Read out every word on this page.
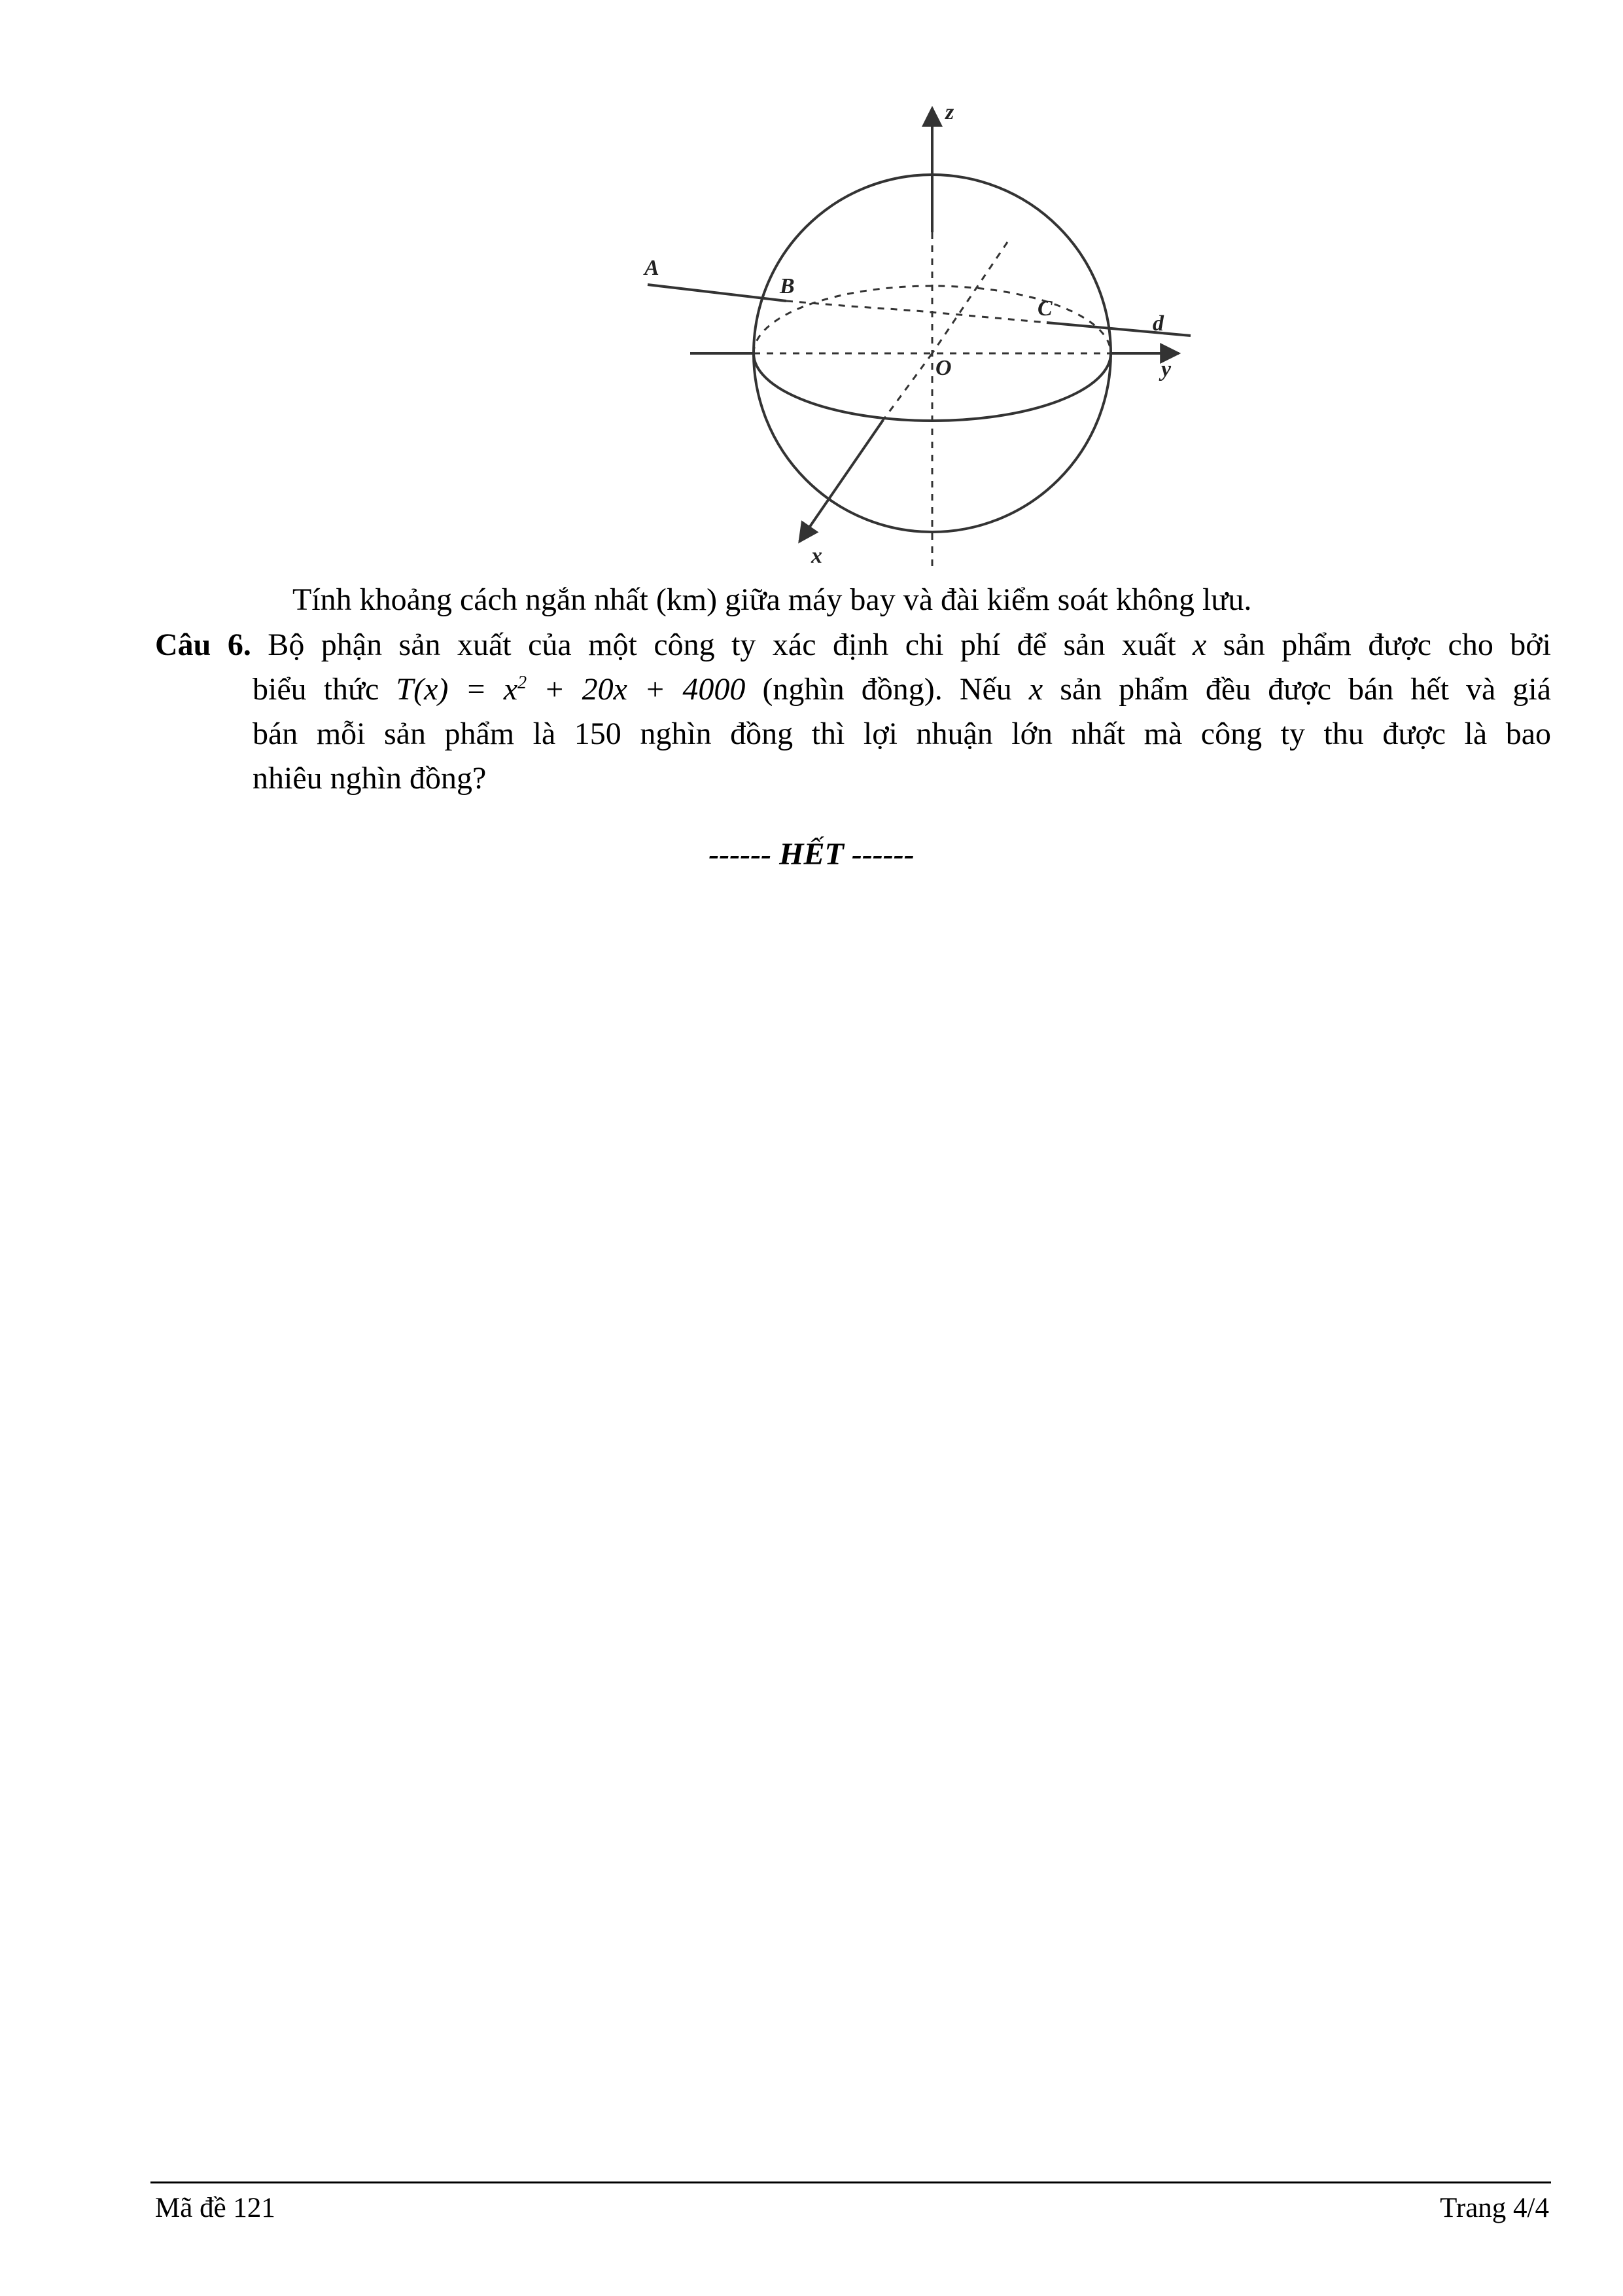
z
y
x
O
A
B
C
d
Tính khoảng cách ngắn nhất (km) giữa máy bay và đài kiểm soát không lưu.
Câu 6. Bộ phận sản xuất của một công ty xác định chi phí để sản xuất x sản phẩm được cho bởi
biểu thức $T(x) = x^2 + 20x + 4000$ (nghìn đồng). Nếu x sản phẩm đều được bán hết và giá
bán mỗi sản phẩm là 150 nghìn đồng thì lợi nhuận lớn nhất mà công ty thu được là bao
nhiêu nghìn đồng?
------ HẾT ------
Mã đề 121	Trang 4/4
